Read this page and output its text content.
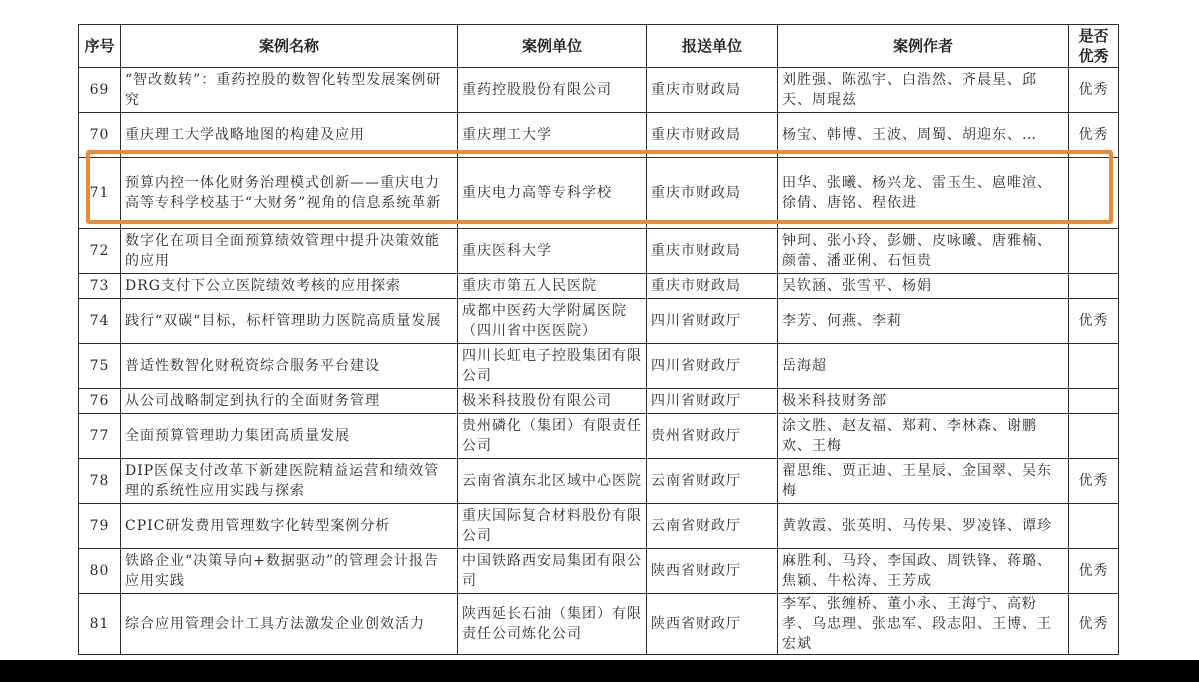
序号	案例名称	案例单位	报送单位	案例作者	是否优秀
69	“智改数转”：重药控股的数智化转型发展案例研究	重药控股股份有限公司	重庆市财政局	刘胜强、陈泓宇、白浩然、齐晨星、邱天、周琨兹	优秀
70	重庆理工大学战略地图的构建及应用	重庆理工大学	重庆市财政局	杨宝、韩博、王波、周蜀、胡迎东、…	优秀
71	预算内控一体化财务治理模式创新——重庆电力高等专科学校基于“大财务”视角的信息系统革新	重庆电力高等专科学校	重庆市财政局	田华、张曦、杨兴龙、雷玉生、扈唯渲、徐倩、唐铭、程依进	
72	数字化在项目全面预算绩效管理中提升决策效能的应用	重庆医科大学	重庆市财政局	钟珂、张小玲、彭姗、皮咏曦、唐雅楠、颜蕾、潘亚俐、石恒贵	
73	DRG支付下公立医院绩效考核的应用探索	重庆市第五人民医院	重庆市财政局	吴钦涵、张雪平、杨娟	
74	践行“双碳“目标，标杆管理助力医院高质量发展	成都中医药大学附属医院（四川省中医医院）	四川省财政厅	李芳、何燕、李莉	优秀
75	普适性数智化财税资综合服务平台建设	四川长虹电子控股集团有限公司	四川省财政厅	岳海超	
76	从公司战略制定到执行的全面财务管理	极米科技股份有限公司	四川省财政厅	极米科技财务部	
77	全面预算管理助力集团高质量发展	贵州磷化（集团）有限责任公司	贵州省财政厅	涂文胜、赵友福、郑莉、李林森、谢鹏欢、王梅	
78	DIP医保支付改革下新建医院精益运营和绩效管理的系统性应用实践与探索	云南省滇东北区域中心医院	云南省财政厅	翟思维、贾正迪、王星辰、金国翠、吴东梅	优秀
79	CPIC研发费用管理数字化转型案例分析	重庆国际复合材料股份有限公司	云南省财政厅	黄敦霞、张英明、马传果、罗凌锋、谭珍	
80	铁路企业“决策导向+数据驱动”的管理会计报告应用实践	中国铁路西安局集团有限公司	陕西省财政厅	麻胜利、马玲、李国政、周铁锋、蒋璐、焦颖、牛松涛、王芳成	优秀
81	综合应用管理会计工具方法激发企业创效活力	陕西延长石油（集团）有限责任公司炼化公司	陕西省财政厅	李军、张缠桥、董小永、王海宁、高粉孝、乌忠理、张忠军、段志阳、王博、王宏斌	优秀
